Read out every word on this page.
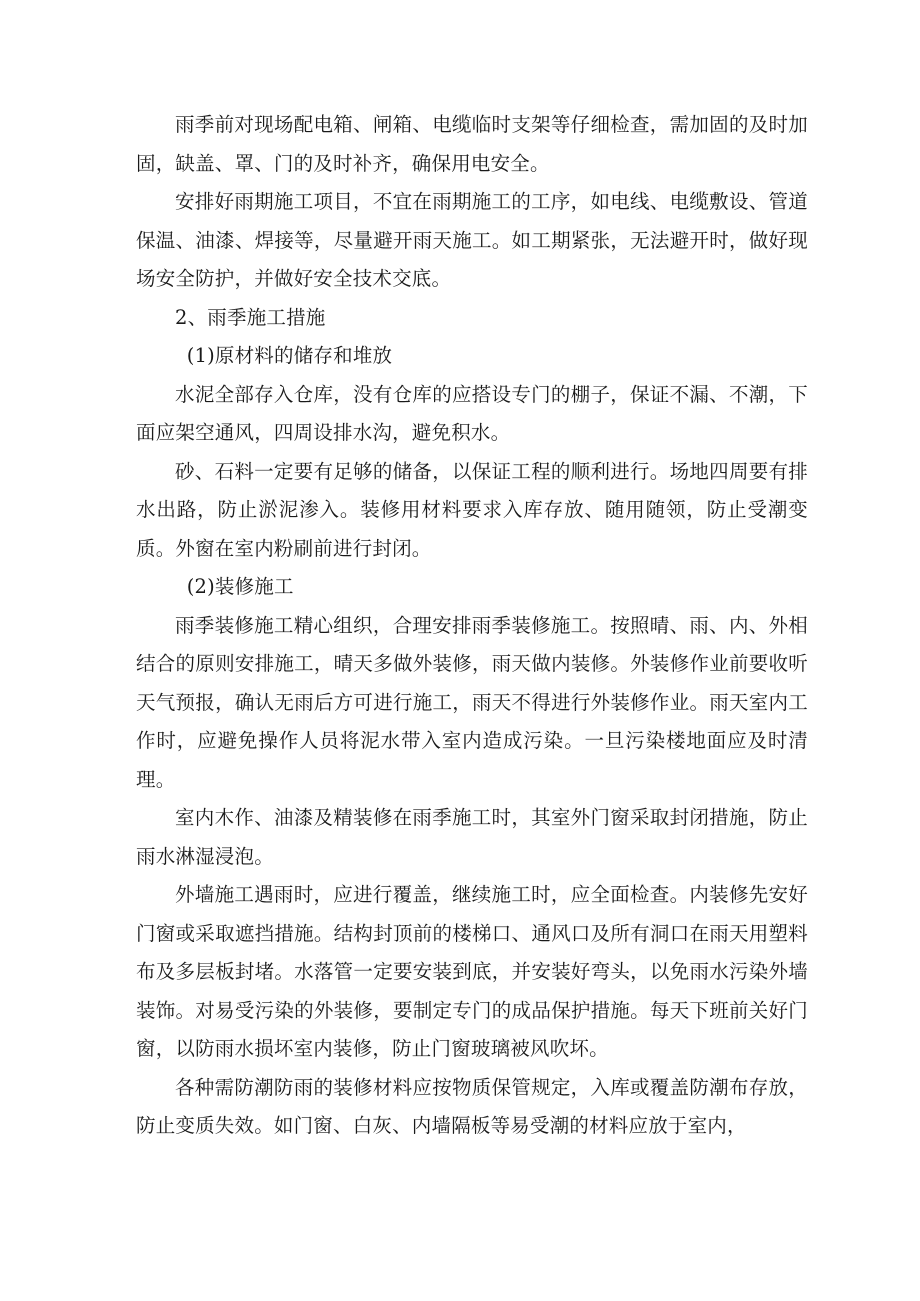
雨季前对现场配电箱、闸箱、电缆临时支架等仔细检查，需加固的及时加固，缺盖、罩、门的及时补齐，确保用电安全。

安排好雨期施工项目，不宜在雨期施工的工序，如电线、电缆敷设、管道保温、油漆、焊接等，尽量避开雨天施工。如工期紧张，无法避开时，做好现场安全防护，并做好安全技术交底。

2、雨季施工措施

(1)原材料的储存和堆放

水泥全部存入仓库，没有仓库的应搭设专门的棚子，保证不漏、不潮，下面应架空通风，四周设排水沟，避免积水。

砂、石料一定要有足够的储备，以保证工程的顺利进行。场地四周要有排水出路，防止淤泥渗入。装修用材料要求入库存放、随用随领，防止受潮变质。外窗在室内粉刷前进行封闭。

(2)装修施工

雨季装修施工精心组织，合理安排雨季装修施工。按照晴、雨、内、外相结合的原则安排施工，晴天多做外装修，雨天做内装修。外装修作业前要收听天气预报，确认无雨后方可进行施工，雨天不得进行外装修作业。雨天室内工作时，应避免操作人员将泥水带入室内造成污染。一旦污染楼地面应及时清理。

室内木作、油漆及精装修在雨季施工时，其室外门窗采取封闭措施，防止雨水淋湿浸泡。

外墙施工遇雨时，应进行覆盖，继续施工时，应全面检查。内装修先安好门窗或采取遮挡措施。结构封顶前的楼梯口、通风口及所有洞口在雨天用塑料布及多层板封堵。水落管一定要安装到底，并安装好弯头，以免雨水污染外墙装饰。对易受污染的外装修，要制定专门的成品保护措施。每天下班前关好门窗，以防雨水损坏室内装修，防止门窗玻璃被风吹坏。

各种需防潮防雨的装修材料应按物质保管规定，入库或覆盖防潮布存放，防止变质失效。如门窗、白灰、内墙隔板等易受潮的材料应放于室内，
